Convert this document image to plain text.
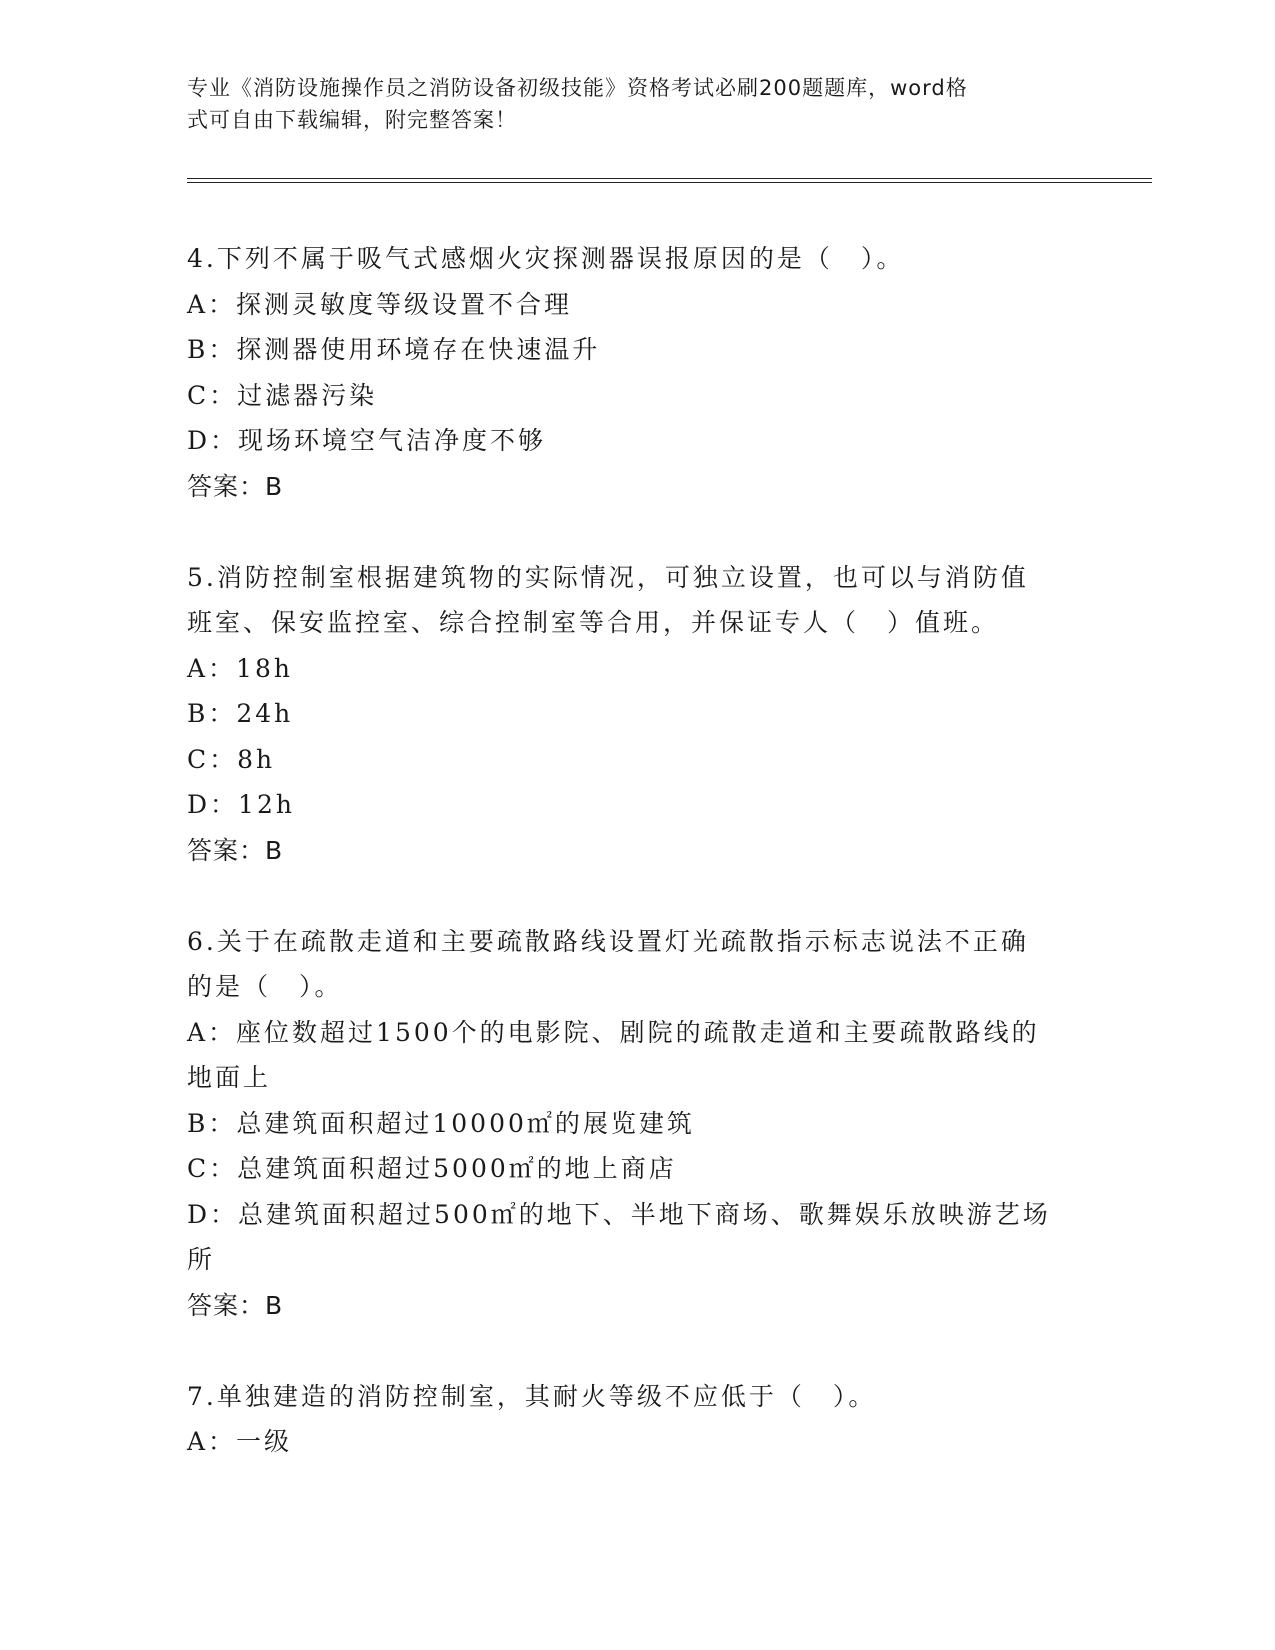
专业《消防设施操作员之消防设备初级技能》资格考试必刷200题题库，word格
式可自由下载编辑，附完整答案！
4.下列不属于吸气式感烟火灾探测器误报原因的是（　）。
A：探测灵敏度等级设置不合理
B：探测器使用环境存在快速温升
C：过滤器污染
D：现场环境空气洁净度不够
答案：B
5.消防控制室根据建筑物的实际情况，可独立设置，也可以与消防值
班室、保安监控室、综合控制室等合用，并保证专人（　）值班。
A：18h
B：24h
C：8h
D：12h
答案：B
6.关于在疏散走道和主要疏散路线设置灯光疏散指示标志说法不正确
的是（　）。
A：座位数超过1500个的电影院、剧院的疏散走道和主要疏散路线的
地面上
B：总建筑面积超过10000㎡的展览建筑
C：总建筑面积超过5000㎡的地上商店
D：总建筑面积超过500㎡的地下、半地下商场、歌舞娱乐放映游艺场
所
答案：B
7.单独建造的消防控制室，其耐火等级不应低于（　）。
A：一级
